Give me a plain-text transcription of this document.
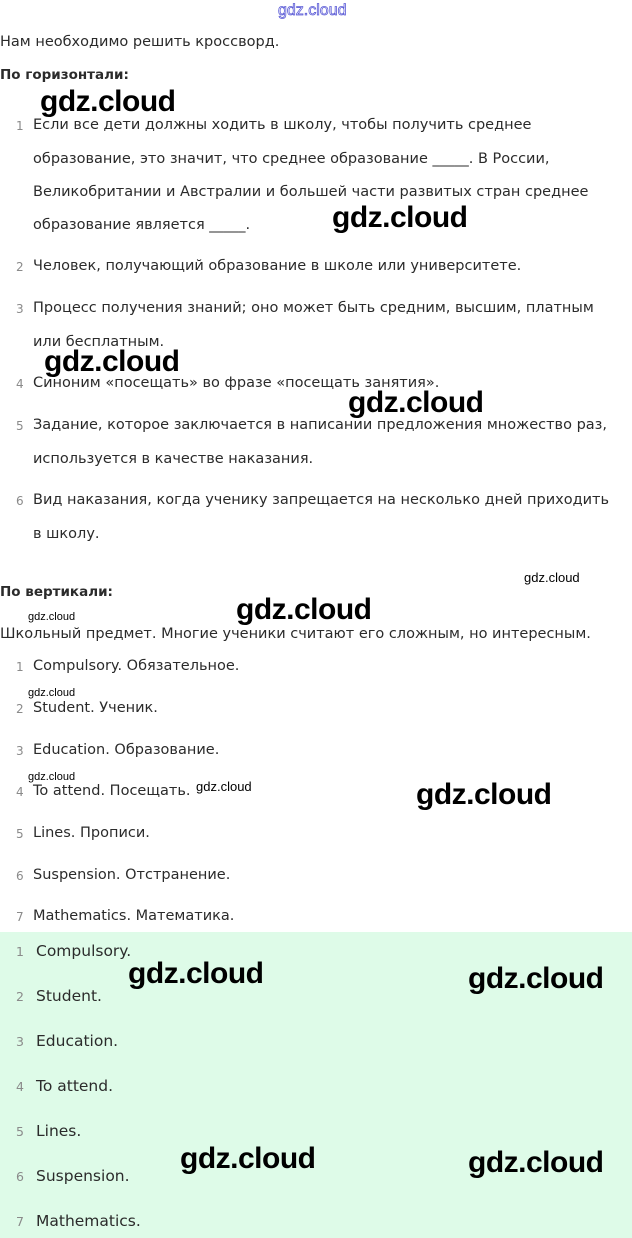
gdz.cloud
Нам необходимо решить кроссворд.
По горизонтали:
1 Если все дети должны ходить в школу, чтобы получить среднее
образование, это значит, что среднее образование _____. В России,
Великобритании и Австралии и большей части развитых стран среднее
образование является _____.
2 Человек, получающий образование в школе или университете.
3 Процесс получения знаний; оно может быть средним, высшим, платным
или бесплатным.
4 Синоним «посещать» во фразе «посещать занятия».
5 Задание, которое заключается в написании предложения множество раз,
используется в качестве наказания.
6 Вид наказания, когда ученику запрещается на несколько дней приходить
в школу.
По вертикали:
Школьный предмет. Многие ученики считают его сложным, но интересным.
1 Compulsory. Обязательное.
2 Student. Ученик.
3 Education. Образование.
4 To attend. Посещать.
5 Lines. Прописи.
6 Suspension. Отстранение.
7 Mathematics. Математика.
1 Compulsory.
2 Student.
3 Education.
4 To attend.
5 Lines.
6 Suspension.
7 Mathematics.
gdz.cloud
gdz.cloud
gdz.cloud
gdz.cloud
gdz.cloud
gdz.cloud	gdz.cloud
gdz.cloud
gdz.cloud
gdz.cloud	gdz.cloud
gdz.cloud	gdz.cloud
gdz.cloud	gdz.cloud
